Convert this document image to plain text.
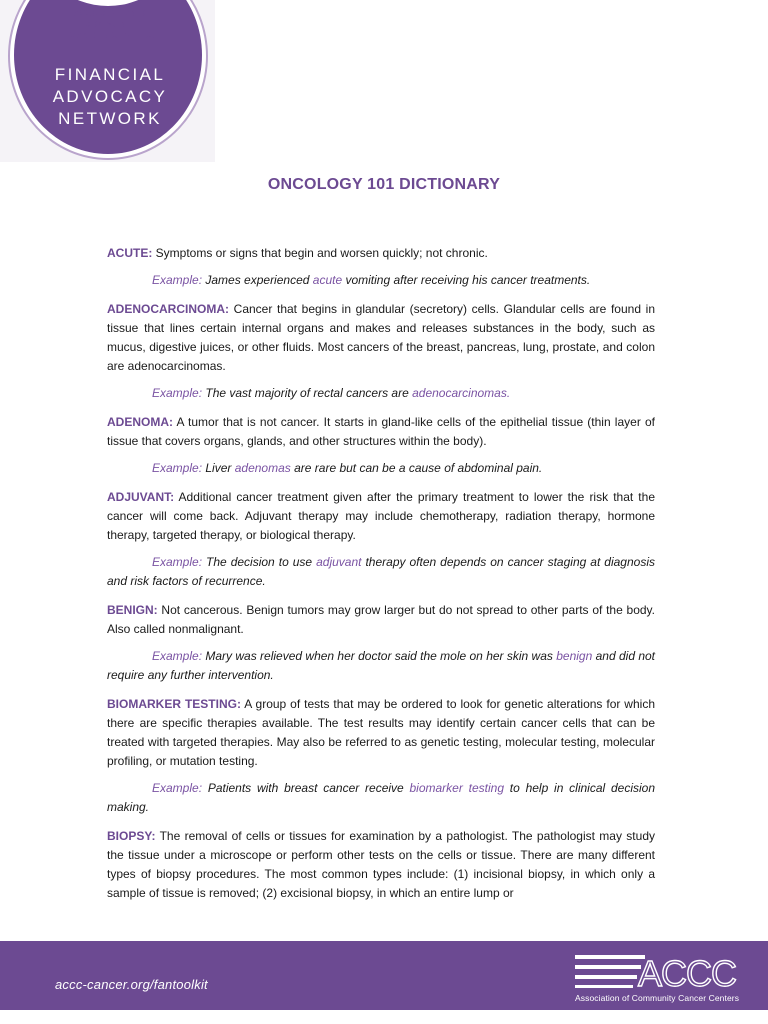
ASSOCIATION OF
COMMUNITY
CANCER CENTERS
FINANCIAL
ADVOCACY
NETWORK
ONCOLOGY 101 DICTIONARY

ACUTE: Symptoms or signs that begin and worsen quickly; not chronic.

Example: James experienced acute vomiting after receiving his cancer treatments.

ADENOCARCINOMA: Cancer that begins in glandular (secretory) cells. Glandular cells are found in tissue that lines certain internal organs and makes and releases substances in the body, such as mucus, digestive juices, or other fluids. Most cancers of the breast, pancreas, lung, prostate, and colon are adenocarcinomas.

Example: The vast majority of rectal cancers are adenocarcinomas.

ADENOMA: A tumor that is not cancer. It starts in gland-like cells of the epithelial tissue (thin layer of tissue that covers organs, glands, and other structures within the body).

Example: Liver adenomas are rare but can be a cause of abdominal pain.

ADJUVANT: Additional cancer treatment given after the primary treatment to lower the risk that the cancer will come back. Adjuvant therapy may include chemotherapy, radiation therapy, hormone therapy, targeted therapy, or biological therapy.

Example: The decision to use adjuvant therapy often depends on cancer staging at diagnosis and risk factors of recurrence.

BENIGN: Not cancerous. Benign tumors may grow larger but do not spread to other parts of the body. Also called nonmalignant.

Example: Mary was relieved when her doctor said the mole on her skin was benign and did not require any further intervention.

BIOMARKER TESTING: A group of tests that may be ordered to look for genetic alterations for which there are specific therapies available. The test results may identify certain cancer cells that can be treated with targeted therapies. May also be referred to as genetic testing, molecular testing, molecular profiling, or mutation testing.

Example: Patients with breast cancer receive biomarker testing to help in clinical decision making.

BIOPSY: The removal of cells or tissues for examination by a pathologist. The pathologist may study the tissue under a microscope or perform other tests on the cells or tissue. There are many different types of biopsy procedures. The most common types include: (1) incisional biopsy, in which only a sample of tissue is removed; (2) excisional biopsy, in which an entire lump or

accc-cancer.org/fantoolkit	ACCC
Association of Community Cancer Centers
